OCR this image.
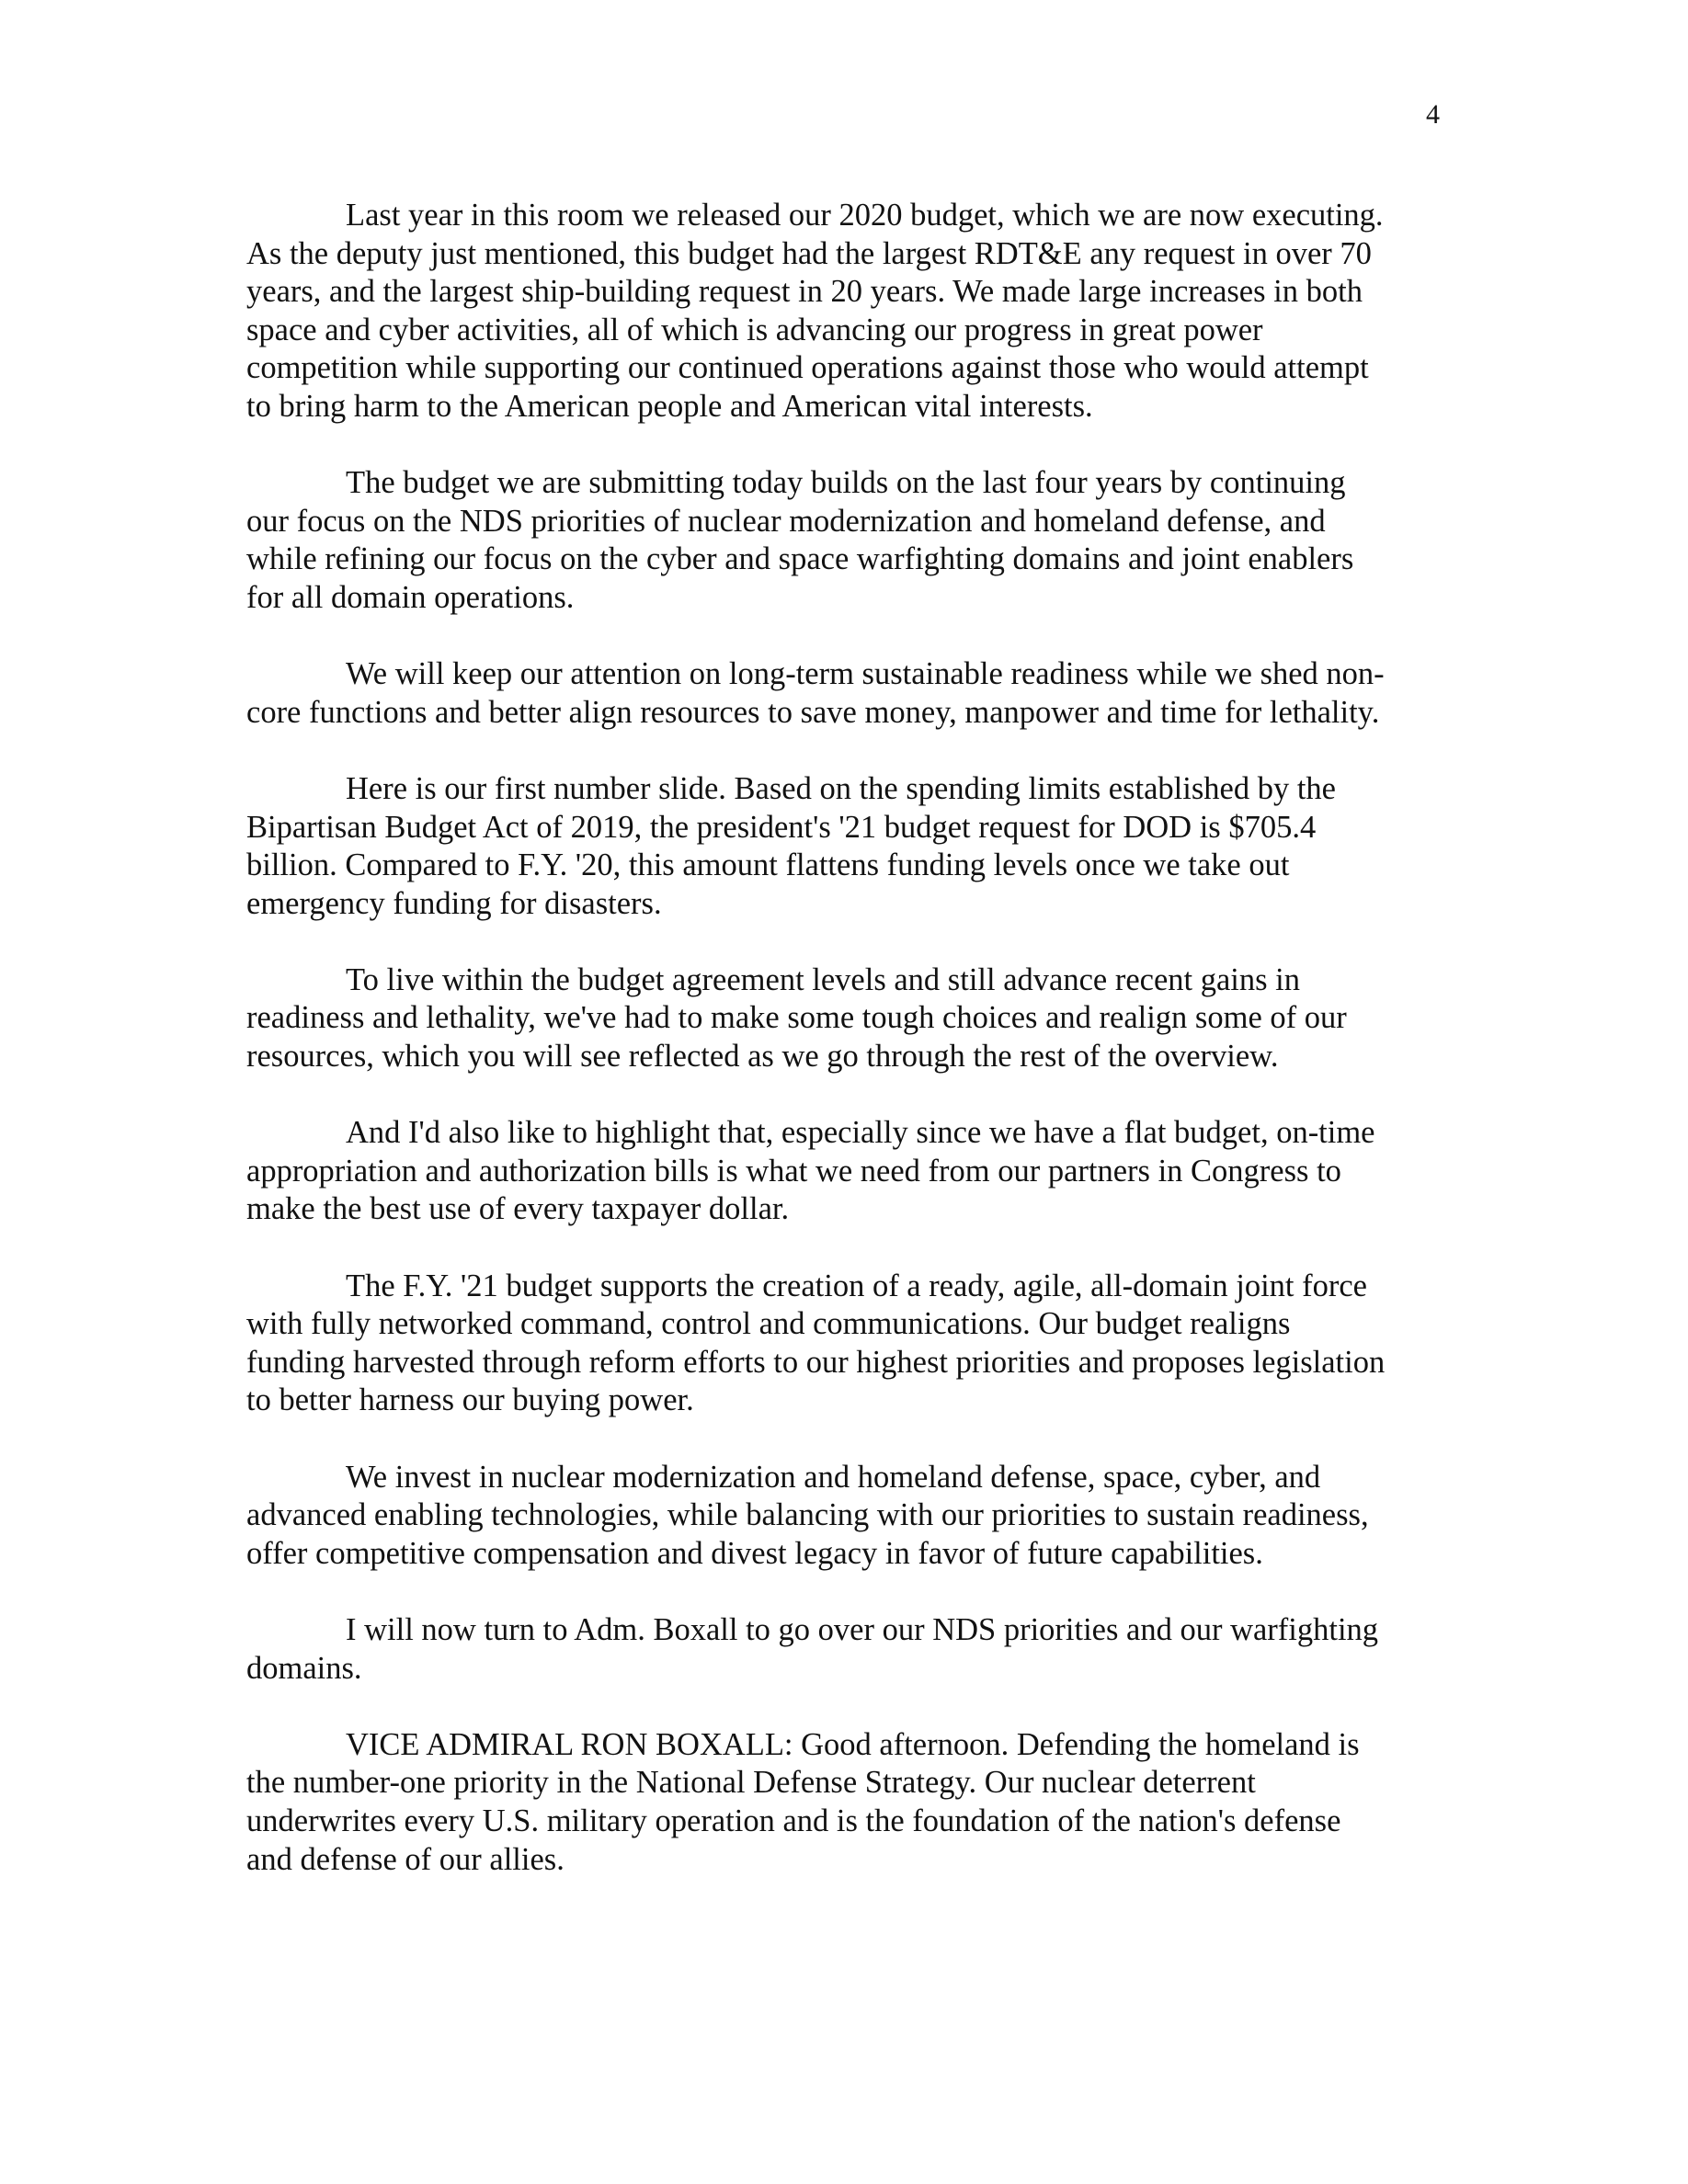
4

Last year in this room we released our 2020 budget, which we are now executing.
As the deputy just mentioned, this budget had the largest RDT&E any request in over 70
years, and the largest ship-building request in 20 years. We made large increases in both
space and cyber activities, all of which is advancing our progress in great power
competition while supporting our continued operations against those who would attempt
to bring harm to the American people and American vital interests.

The budget we are submitting today builds on the last four years by continuing
our focus on the NDS priorities of nuclear modernization and homeland defense, and
while refining our focus on the cyber and space warfighting domains and joint enablers
for all domain operations.

We will keep our attention on long-term sustainable readiness while we shed non-
core functions and better align resources to save money, manpower and time for lethality.

Here is our first number slide. Based on the spending limits established by the
Bipartisan Budget Act of 2019, the president's '21 budget request for DOD is $705.4
billion. Compared to F.Y. '20, this amount flattens funding levels once we take out
emergency funding for disasters.

To live within the budget agreement levels and still advance recent gains in
readiness and lethality, we've had to make some tough choices and realign some of our
resources, which you will see reflected as we go through the rest of the overview.

And I'd also like to highlight that, especially since we have a flat budget, on-time
appropriation and authorization bills is what we need from our partners in Congress to
make the best use of every taxpayer dollar.

The F.Y. '21 budget supports the creation of a ready, agile, all-domain joint force
with fully networked command, control and communications. Our budget realigns
funding harvested through reform efforts to our highest priorities and proposes legislation
to better harness our buying power.

We invest in nuclear modernization and homeland defense, space, cyber, and
advanced enabling technologies, while balancing with our priorities to sustain readiness,
offer competitive compensation and divest legacy in favor of future capabilities.

I will now turn to Adm. Boxall to go over our NDS priorities and our warfighting
domains.

VICE ADMIRAL RON BOXALL: Good afternoon. Defending the homeland is
the number-one priority in the National Defense Strategy. Our nuclear deterrent
underwrites every U.S. military operation and is the foundation of the nation's defense
and defense of our allies.
